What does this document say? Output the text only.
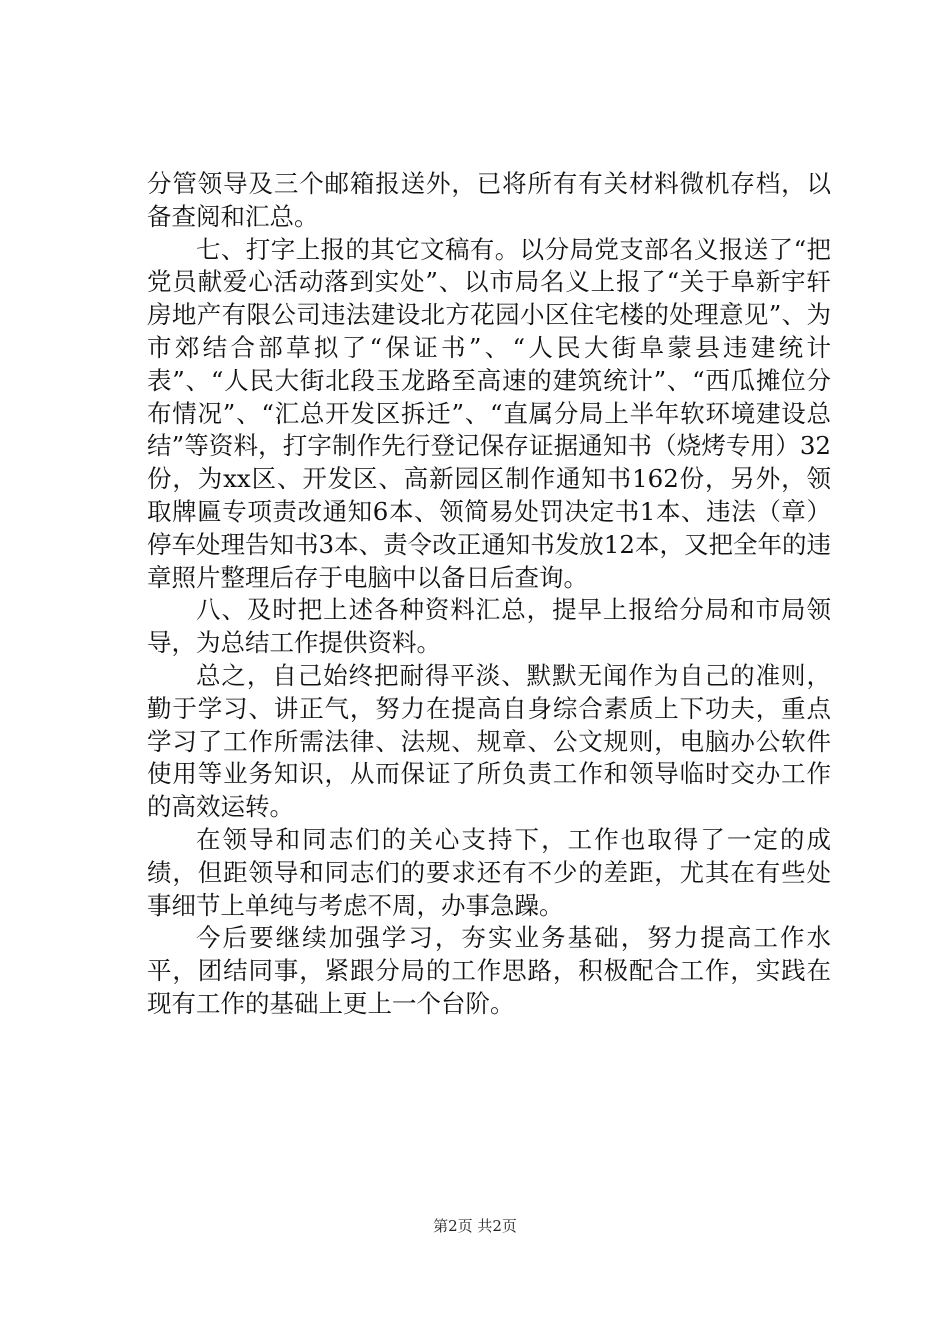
分管领导及三个邮箱报送外，已将所有有关材料微机存档，以备查阅和汇总。

七、打字上报的其它文稿有。以分局党支部名义报送了“把党员献爱心活动落到实处”、以市局名义上报了“关于阜新宇轩房地产有限公司违法建设北方花园小区住宅楼的处理意见”、为市郊结合部草拟了“保证书”、“人民大街阜蒙县违建统计表”、“人民大街北段玉龙路至高速的建筑统计”、“西瓜摊位分布情况”、“汇总开发区拆迁”、“直属分局上半年软环境建设总结”等资料，打字制作先行登记保存证据通知书（烧烤专用）32份，为xx区、开发区、高新园区制作通知书162份，另外，领取牌匾专项责改通知6本、领简易处罚决定书1本、违法（章）停车处理告知书3本、责令改正通知书发放12本，又把全年的违章照片整理后存于电脑中以备日后查询。

八、及时把上述各种资料汇总，提早上报给分局和市局领导，为总结工作提供资料。

总之，自己始终把耐得平淡、默默无闻作为自己的准则，勤于学习、讲正气，努力在提高自身综合素质上下功夫，重点学习了工作所需法律、法规、规章、公文规则，电脑办公软件使用等业务知识，从而保证了所负责工作和领导临时交办工作的高效运转。

在领导和同志们的关心支持下，工作也取得了一定的成绩，但距领导和同志们的要求还有不少的差距，尤其在有些处事细节上单纯与考虑不周，办事急躁。

今后要继续加强学习，夯实业务基础，努力提高工作水平，团结同事，紧跟分局的工作思路，积极配合工作，实践在现有工作的基础上更上一个台阶。

第2页 共2页
